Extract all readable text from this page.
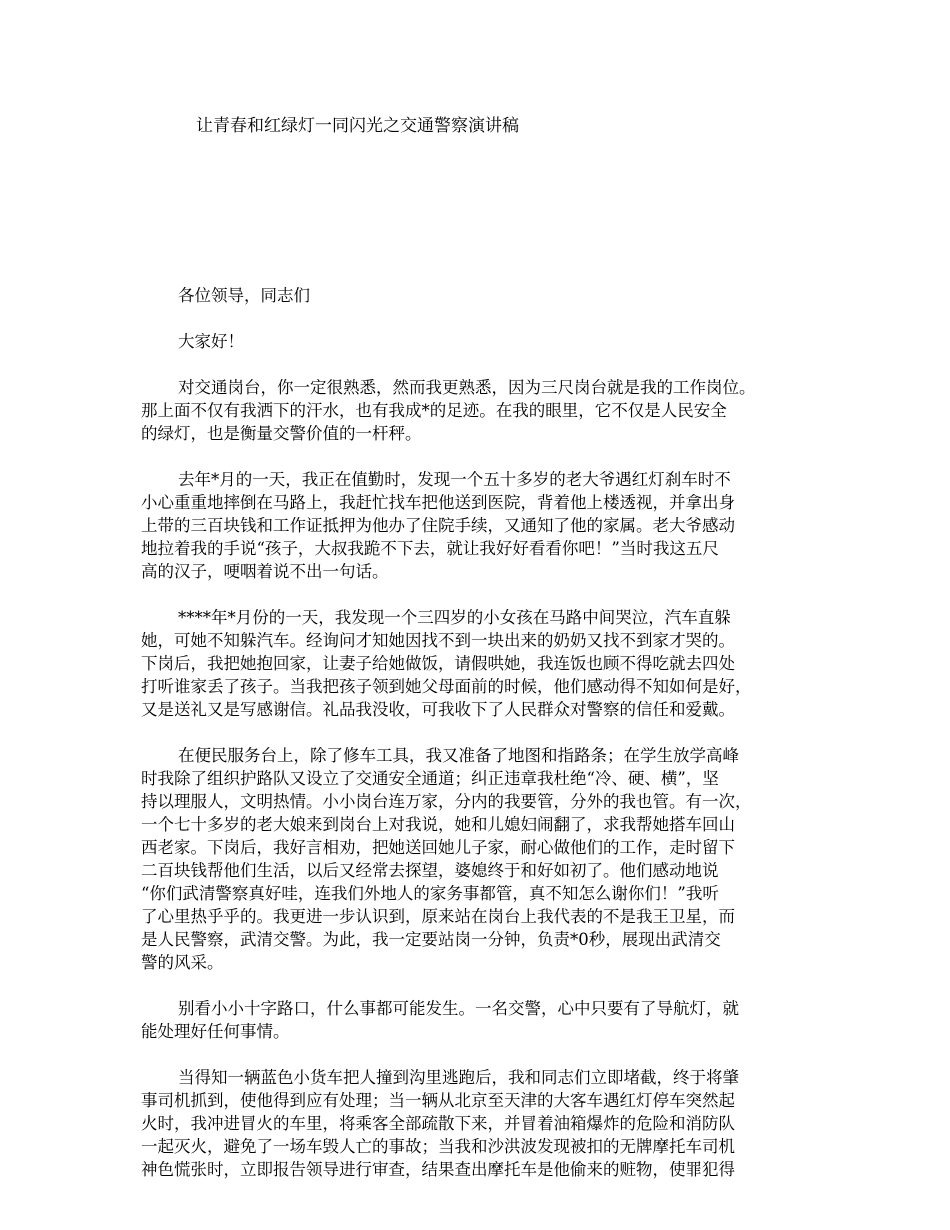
让青春和红绿灯一同闪光之交通警察演讲稿
各位领导，同志们
大家好！
对交通岗台，你一定很熟悉，然而我更熟悉，因为三尺岗台就是我的工作岗位。
那上面不仅有我洒下的汗水，也有我成*的足迹。在我的眼里，它不仅是人民安全
的绿灯，也是衡量交警价值的一杆秤。
去年*月的一天，我正在值勤时，发现一个五十多岁的老大爷遇红灯刹车时不
小心重重地摔倒在马路上，我赶忙找车把他送到医院，背着他上楼透视，并拿出身
上带的三百块钱和工作证抵押为他办了住院手续，又通知了他的家属。老大爷感动
地拉着我的手说“孩子，大叔我跪不下去，就让我好好看看你吧！”当时我这五尺
高的汉子，哽咽着说不出一句话。
****年*月份的一天，我发现一个三四岁的小女孩在马路中间哭泣，汽车直躲
她，可她不知躲汽车。经询问才知她因找不到一块出来的奶奶又找不到家才哭的。
下岗后，我把她抱回家，让妻子给她做饭，请假哄她，我连饭也顾不得吃就去四处
打听谁家丢了孩子。当我把孩子领到她父母面前的时候，他们感动得不知如何是好，
又是送礼又是写感谢信。礼品我没收，可我收下了人民群众对警察的信任和爱戴。
在便民服务台上，除了修车工具，我又准备了地图和指路条；在学生放学高峰
时我除了组织护路队又设立了交通安全通道；纠正违章我杜绝“冷、硬、横”，坚
持以理服人，文明热情。小小岗台连万家，分内的我要管，分外的我也管。有一次，
一个七十多岁的老大娘来到岗台上对我说，她和儿媳妇闹翻了，求我帮她搭车回山
西老家。下岗后，我好言相劝，把她送回她儿子家，耐心做他们的工作，走时留下
二百块钱帮他们生活，以后又经常去探望，婆媳终于和好如初了。他们感动地说
“你们武清警察真好哇，连我们外地人的家务事都管，真不知怎么谢你们！”我听
了心里热乎乎的。我更进一步认识到，原来站在岗台上我代表的不是我王卫星，而
是人民警察，武清交警。为此，我一定要站岗一分钟，负责*0秒，展现出武清交
警的风采。
别看小小十字路口，什么事都可能发生。一名交警，心中只要有了导航灯，就
能处理好任何事情。
当得知一辆蓝色小货车把人撞到沟里逃跑后，我和同志们立即堵截，终于将肇
事司机抓到，使他得到应有处理；当一辆从北京至天津的大客车遇红灯停车突然起
火时，我冲进冒火的车里，将乘客全部疏散下来，并冒着油箱爆炸的危险和消防队
一起灭火，避免了一场车毁人亡的事故；当我和沙洪波发现被扣的无牌摩托车司机
神色慌张时，立即报告领导进行审查，结果查出摩托车是他偷来的赃物，使罪犯得
